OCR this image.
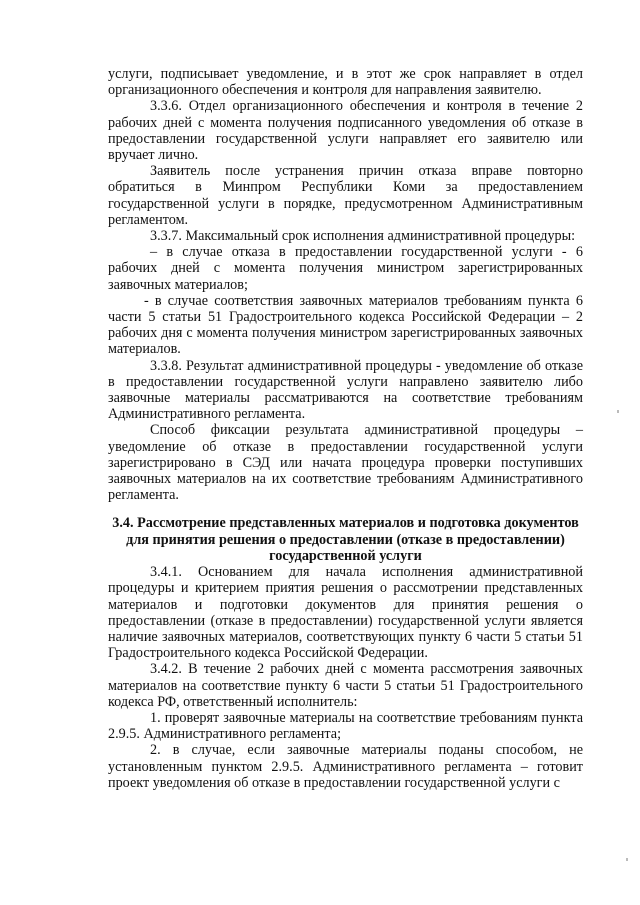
услуги, подписывает уведомление, и в этот же срок направляет в отдел организационного обеспечения и контроля для направления заявителю.

3.3.6. Отдел организационного обеспечения и контроля в течение 2 рабочих дней с момента получения подписанного уведомления об отказе в предоставлении государственной услуги направляет его заявителю или вручает лично.

Заявитель после устранения причин отказа вправе повторно обратиться в Минпром Республики Коми за предоставлением государственной услуги в порядке, предусмотренном Административным регламентом.

3.3.7. Максимальный срок исполнения административной процедуры:

– в случае отказа в предоставлении государственной услуги - 6 рабочих дней с момента получения министром зарегистрированных заявочных материалов;

- в случае соответствия заявочных материалов требованиям пункта 6 части 5 статьи 51 Градостроительного кодекса Российской Федерации – 2 рабочих дня с момента получения министром зарегистрированных заявочных материалов.

3.3.8. Результат административной процедуры - уведомление об отказе в предоставлении государственной услуги направлено заявителю либо заявочные материалы рассматриваются на соответствие требованиям Административного регламента.

Способ фиксации результата административной процедуры – уведомление об отказе в предоставлении государственной услуги зарегистрировано в СЭД или начата процедура проверки поступивших заявочных материалов на их соответствие требованиям Административного регламента.

3.4. Рассмотрение представленных материалов и подготовка документов для принятия решения о предоставлении (отказе в предоставлении) государственной услуги

3.4.1. Основанием для начала исполнения административной процедуры и критерием приятия решения о рассмотрении представленных материалов и подготовки документов для принятия решения о предоставлении (отказе в предоставлении) государственной услуги является наличие заявочных материалов, соответствующих пункту 6 части 5 статьи 51 Градостроительного кодекса Российской Федерации.

3.4.2. В течение 2 рабочих дней с момента рассмотрения заявочных материалов на соответствие пункту 6 части 5 статьи 51 Градостроительного кодекса РФ, ответственный исполнитель:

1. проверят заявочные материалы на соответствие требованиям пункта 2.9.5. Административного регламента;

2. в случае, если заявочные материалы поданы способом, не установленным пунктом 2.9.5. Административного регламента – готовит проект уведомления об отказе в предоставлении государственной услуги с
